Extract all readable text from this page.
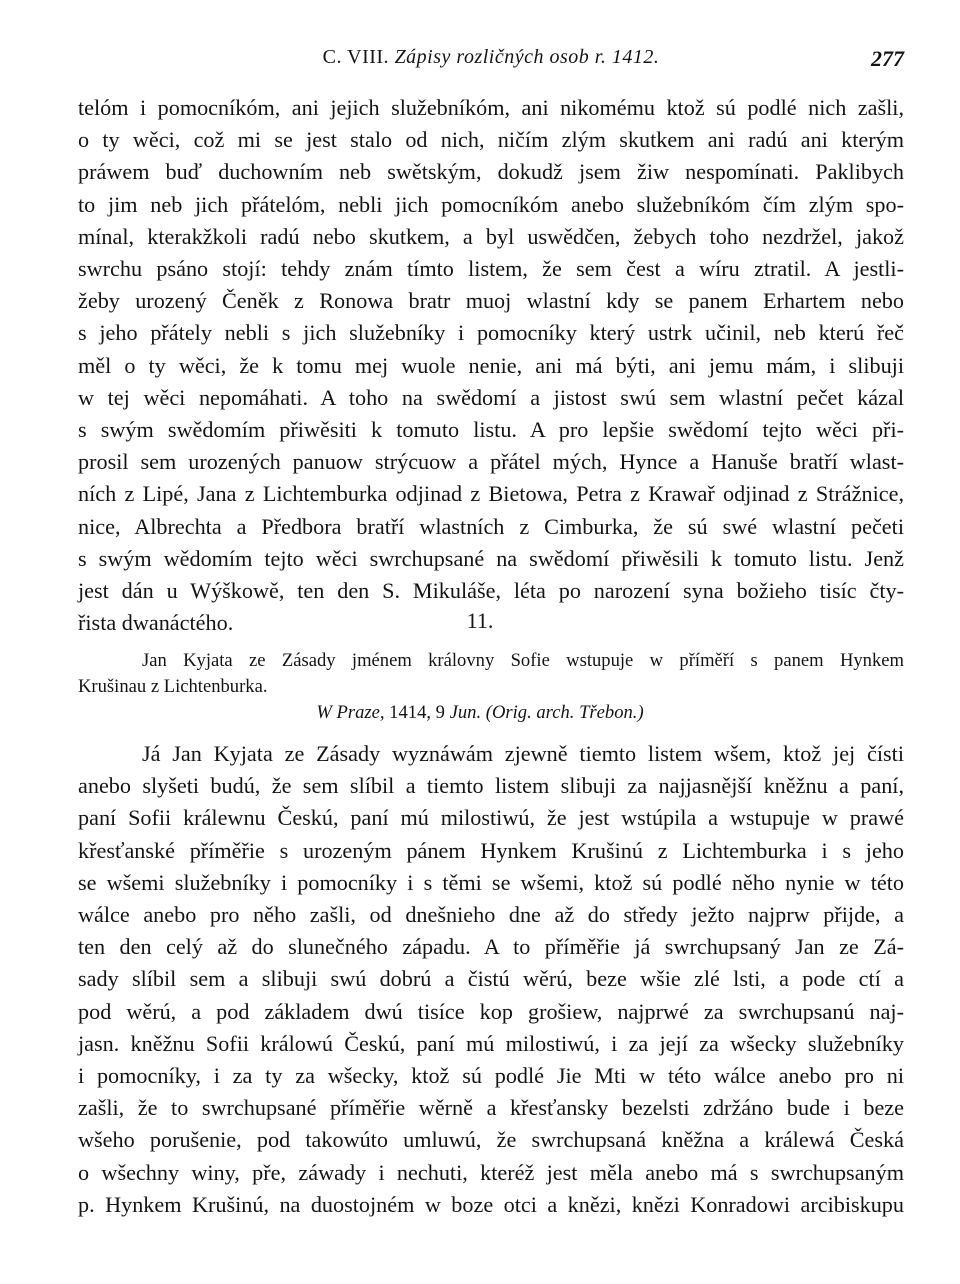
C. VIII. Zápisy rozličných osob r. 1412.	277

telóm i pomocníkóm, ani jejich služebníkóm, ani nikomému ktož sú podlé nich zašli,
o ty wěci, což mi se jest stalo od nich, ničím zlým skutkem ani radú ani kterým
práwem buď duchowním neb swětským, dokudž jsem žiw nespomínati. Paklibych
to jim neb jich přátelóm, nebli jich pomocníkóm anebo služebníkóm čím zlým spo-
mínal, kterakžkoli radú nebo skutkem, a byl uswědčen, žebych toho nezdržel, jakož
swrchu psáno stojí: tehdy znám tímto listem, že sem čest a wíru ztratil. A jestli-
žeby urozený Čeněk z Ronowa bratr muoj wlastní kdy se panem Erhartem nebo
s jeho přátely nebli s jich služebníky i pomocníky který ustrk učinil, neb kterú řeč
měl o ty wěci, že k tomu mej wuole nenie, ani má býti, ani jemu mám, i slibuji
w tej wěci nepomáhati. A toho na swědomí a jistost swú sem wlastní pečet kázal
s swým swědomím přiwěsiti k tomuto listu. A pro lepšie swědomí tejto wěci při-
prosil sem urozených panuow strýcuow a přátel mých, Hynce a Hanuše bratří wlast-
ních z Lipé, Jana z Lichtemburka odjinad z Bietowa, Petra z Krawař odjinad z Strážnice,
nice, Albrechta a Předbora bratří wlastních z Cimburka, že sú swé wlastní pečeti
s swým wědomím tejto wěci swrchupsané na swědomí přiwěsili k tomuto listu. Jenž
jest dán u Wýškowě, ten den S. Mikuláše, léta po narození syna božieho tisíc čty-
řista dwanáctého.	11.

Jan Kyjata ze Zásady jménem královny Sofie wstupuje w příměří s panem Hynkem
Krušinau z Lichtenburka.

W Praze, 1414, 9 Jun. (Orig. arch. Třebon.)

Já Jan Kyjata ze Zásady wyznáwám zjewně tiemto listem wšem, ktož jej čísti
anebo slyšeti budú, že sem slíbil a tiemto listem slibuji za najjasnější kněžnu a paní,
paní Sofii králewnu Českú, paní mú milostiwú, že jest wstúpila a wstupuje w prawé
křesťanské příměřie s urozeným pánem Hynkem Krušinú z Lichtemburka i s jeho
se wšemi služebníky i pomocníky i s těmi se wšemi, ktož sú podlé něho nynie w této
wálce anebo pro něho zašli, od dnešnieho dne až do středy ježto najprw přijde, a
ten den celý až do slunečného západu. A to příměřie já swrchupsaný Jan ze Zá-
sady slíbil sem a slibuji swú dobrú a čistú wěrú, beze wšie zlé lsti, a pode ctí a
pod wěrú, a pod základem dwú tisíce kop grošiew, najprwé za swrchupsanú naj-
jasn. kněžnu Sofii králowú Českú, paní mú milostiwú, i za její za wšecky služebníky
i pomocníky, i za ty za wšecky, ktož sú podlé Jie Mti w této wálce anebo pro ni
zašli, že to swrchupsané příměřie wěrně a křesťansky bezelsti zdržáno bude i beze
wšeho porušenie, pod takowúto umluwú, že swrchupsaná kněžna a králewá Česká
o wšechny winy, pře, záwady i nechuti, kteréž jest měla anebo má s swrchupsaným
p. Hynkem Krušinú, na duostojném w boze otci a knězi, knězi Konradowi arcibiskupu
